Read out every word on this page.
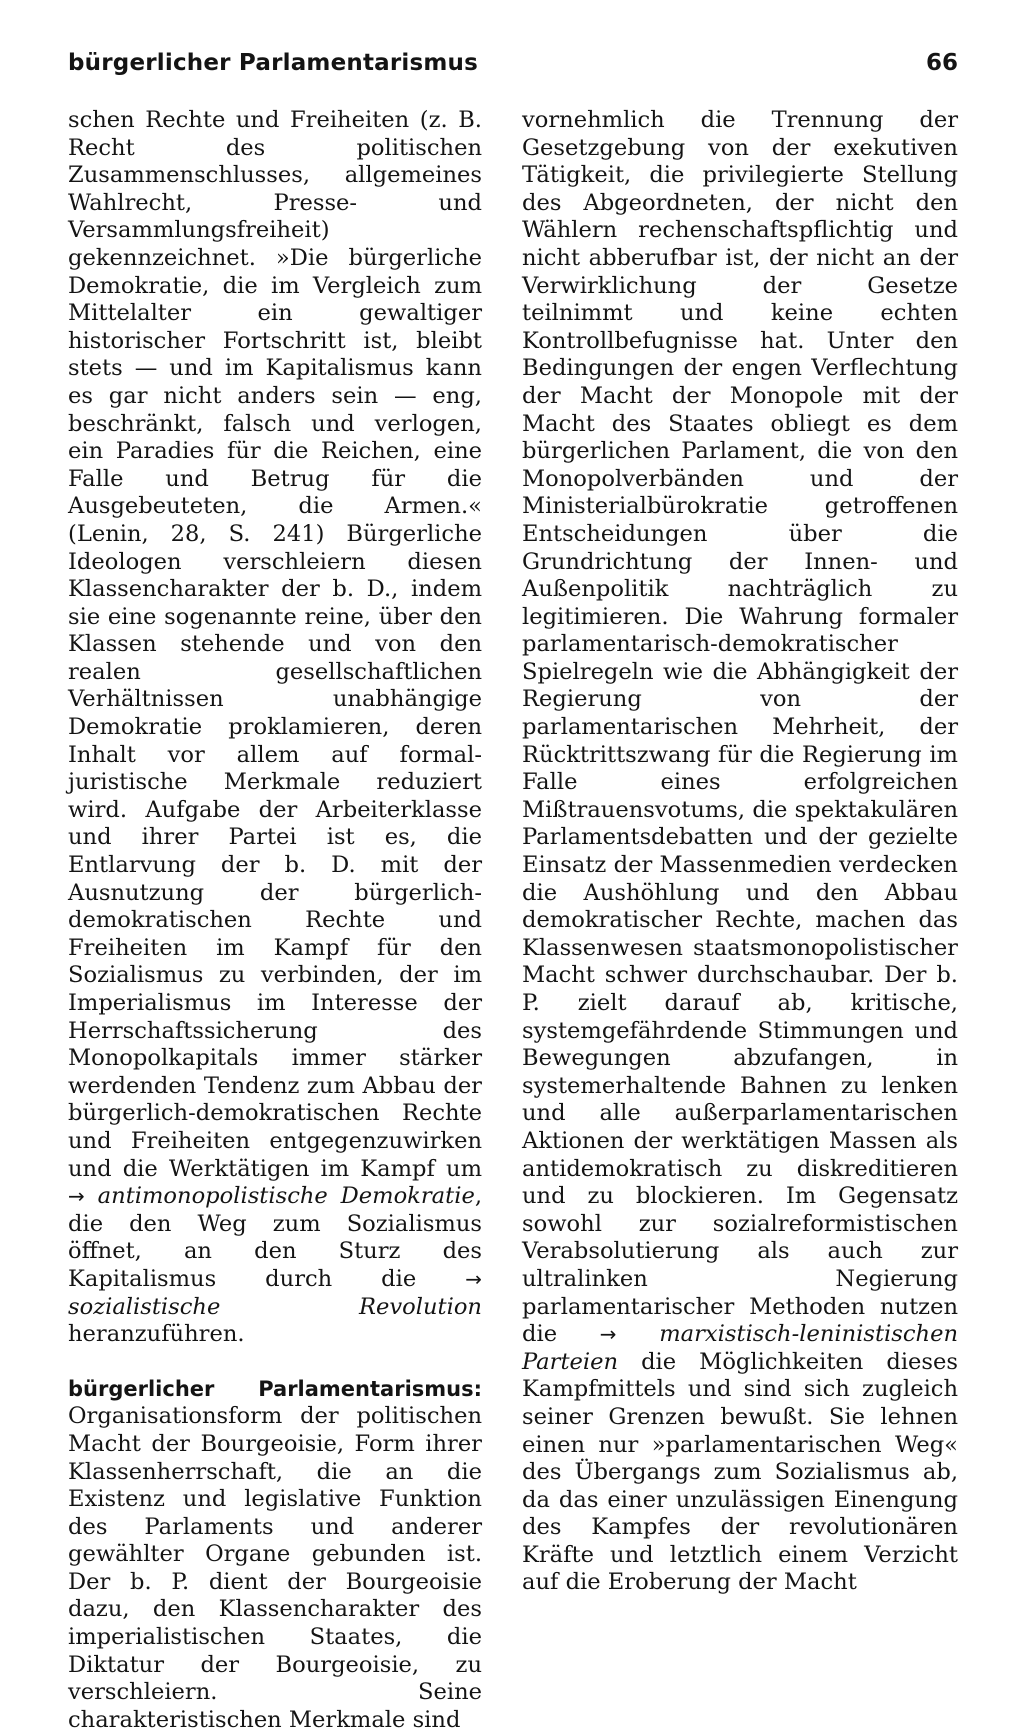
bürgerlicher Parlamentarismus	66

schen Rechte und Freiheiten (z. B. Recht des politischen Zusammenschlusses, allgemeines Wahlrecht, Presse- und Versammlungsfreiheit) gekennzeichnet. »Die bürgerliche Demokratie, die im Vergleich zum Mittelalter ein gewaltiger historischer Fortschritt ist, bleibt stets — und im Kapitalismus kann es gar nicht anders sein — eng, beschränkt, falsch und verlogen, ein Paradies für die Reichen, eine Falle und Betrug für die Ausgebeuteten, die Armen.« (Lenin, 28, S. 241) Bürgerliche Ideologen verschleiern diesen Klassencharakter der b. D., indem sie eine sogenannte reine, über den Klassen stehende und von den realen gesellschaftlichen Verhältnissen unabhängige Demokratie proklamieren, deren Inhalt vor allem auf formal-juristische Merkmale reduziert wird. Aufgabe der Arbeiterklasse und ihrer Partei ist es, die Entlarvung der b. D. mit der Ausnutzung der bürgerlich-demokratischen Rechte und Freiheiten im Kampf für den Sozialismus zu verbinden, der im Imperialismus im Interesse der Herrschaftssicherung des Monopolkapitals immer stärker werdenden Tendenz zum Abbau der bürgerlich-demokratischen Rechte und Freiheiten entgegenzuwirken und die Werktätigen im Kampf um → antimonopolistische Demokratie, die den Weg zum Sozialismus öffnet, an den Sturz des Kapitalismus durch die → sozialistische Revolution heranzuführen.

bürgerlicher Parlamentarismus: Organisationsform der politischen Macht der Bourgeoisie, Form ihrer Klassenherrschaft, die an die Existenz und legislative Funktion des Parlaments und anderer gewählter Organe gebunden ist. Der b. P. dient der Bourgeoisie dazu, den Klassencharakter des imperialistischen Staates, die Diktatur der Bourgeoisie, zu verschleiern. Seine charakteristischen Merkmale sind

vornehmlich die Trennung der Gesetzgebung von der exekutiven Tätigkeit, die privilegierte Stellung des Abgeordneten, der nicht den Wählern rechenschaftspflichtig und nicht abberufbar ist, der nicht an der Verwirklichung der Gesetze teilnimmt und keine echten Kontrollbefugnisse hat. Unter den Bedingungen der engen Verflechtung der Macht der Monopole mit der Macht des Staates obliegt es dem bürgerlichen Parlament, die von den Monopolverbänden und der Ministerialbürokratie getroffenen Entscheidungen über die Grundrichtung der Innen- und Außenpolitik nachträglich zu legitimieren. Die Wahrung formaler parlamentarisch-demokratischer Spielregeln wie die Abhängigkeit der Regierung von der parlamentarischen Mehrheit, der Rücktrittszwang für die Regierung im Falle eines erfolgreichen Mißtrauensvotums, die spektakulären Parlamentsdebatten und der gezielte Einsatz der Massenmedien verdecken die Aushöhlung und den Abbau demokratischer Rechte, machen das Klassenwesen staatsmonopolistischer Macht schwer durchschaubar. Der b. P. zielt darauf ab, kritische, systemgefährdende Stimmungen und Bewegungen abzufangen, in systemerhaltende Bahnen zu lenken und alle außerparlamentarischen Aktionen der werktätigen Massen als antidemokratisch zu diskreditieren und zu blockieren. Im Gegensatz sowohl zur sozialreformistischen Verabsolutierung als auch zur ultralinken Negierung parlamentarischer Methoden nutzen die → marxistisch-leninistischen Parteien die Möglichkeiten dieses Kampfmittels und sind sich zugleich seiner Grenzen bewußt. Sie lehnen einen nur »parlamentarischen Weg« des Übergangs zum Sozialismus ab, da das einer unzulässigen Einengung des Kampfes der revolutionären Kräfte und letztlich einem Verzicht auf die Eroberung der Macht
